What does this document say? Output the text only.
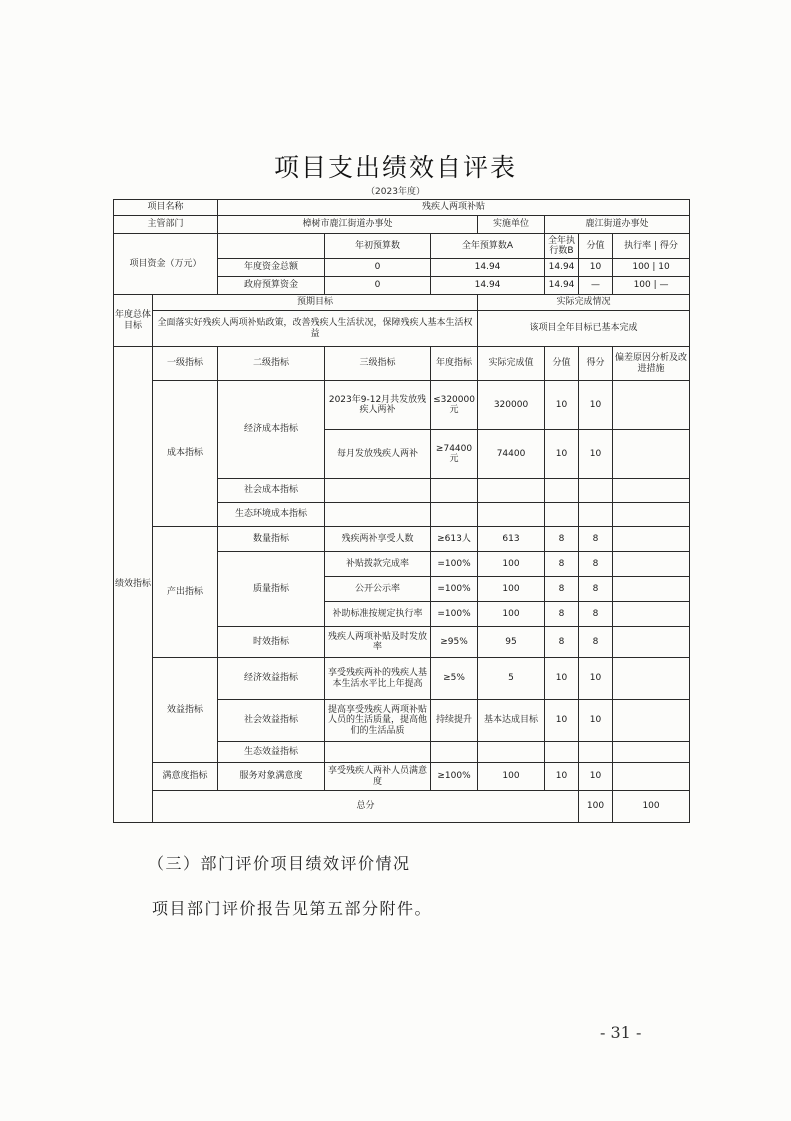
项目支出绩效自评表
（2023年度）
项目名称		残疾人两项补贴							
主管部门		樟树市鹿江街道办事处			实施单位	鹿江街道办事处			
项目资金（万元）			年初预算数	全年预算数A		全年执行数B	分值	执行率 | 得分	
		年度资金总额	0	14.94		14.94	10	100 | 10	
		政府预算资金	0	14.94		14.94	—	100 | —	
年度总体目标	预期目标				实际完成情况				
	全面落实好残疾人两项补贴政策，改善残疾人生活状况，保障残疾人基本生活权益				该项目全年目标已基本完成				
绩效指标	一级指标	二级指标	三级指标	年度指标	实际完成值	分值	得分	偏差原因分析及改进措施	
	成本指标	经济成本指标	2023年9-12月共发放残疾人两补	≤320000元	320000	10	10		
			每月发放残疾人两补	≥74400元	74400	10	10		
		社会成本指标							
		生态环境成本指标							
	产出指标	数量指标	残疾两补享受人数	≥613人	613	8	8		
		质量指标	补贴拨款完成率	=100%	100	8	8		
			公开公示率	=100%	100	8	8		
			补助标准按规定执行率	=100%	100	8	8		
		时效指标	残疾人两项补贴及时发放率	≥95%	95	8	8		
	效益指标	经济效益指标	享受残疾两补的残疾人基本生活水平比上年提高	≥5%	5	10	10		
		社会效益指标	提高享受残疾人两项补贴人员的生活质量，提高他们的生活品质	持续提升	基本达成目标	10	10		
		生态效益指标							
	满意度指标	服务对象满意度	享受残疾人两补人员满意度	≥100%	100	10	10		
	总分						100	100	
（三）部门评价项目绩效评价情况
项目部门评价报告见第五部分附件。
- 31 -
